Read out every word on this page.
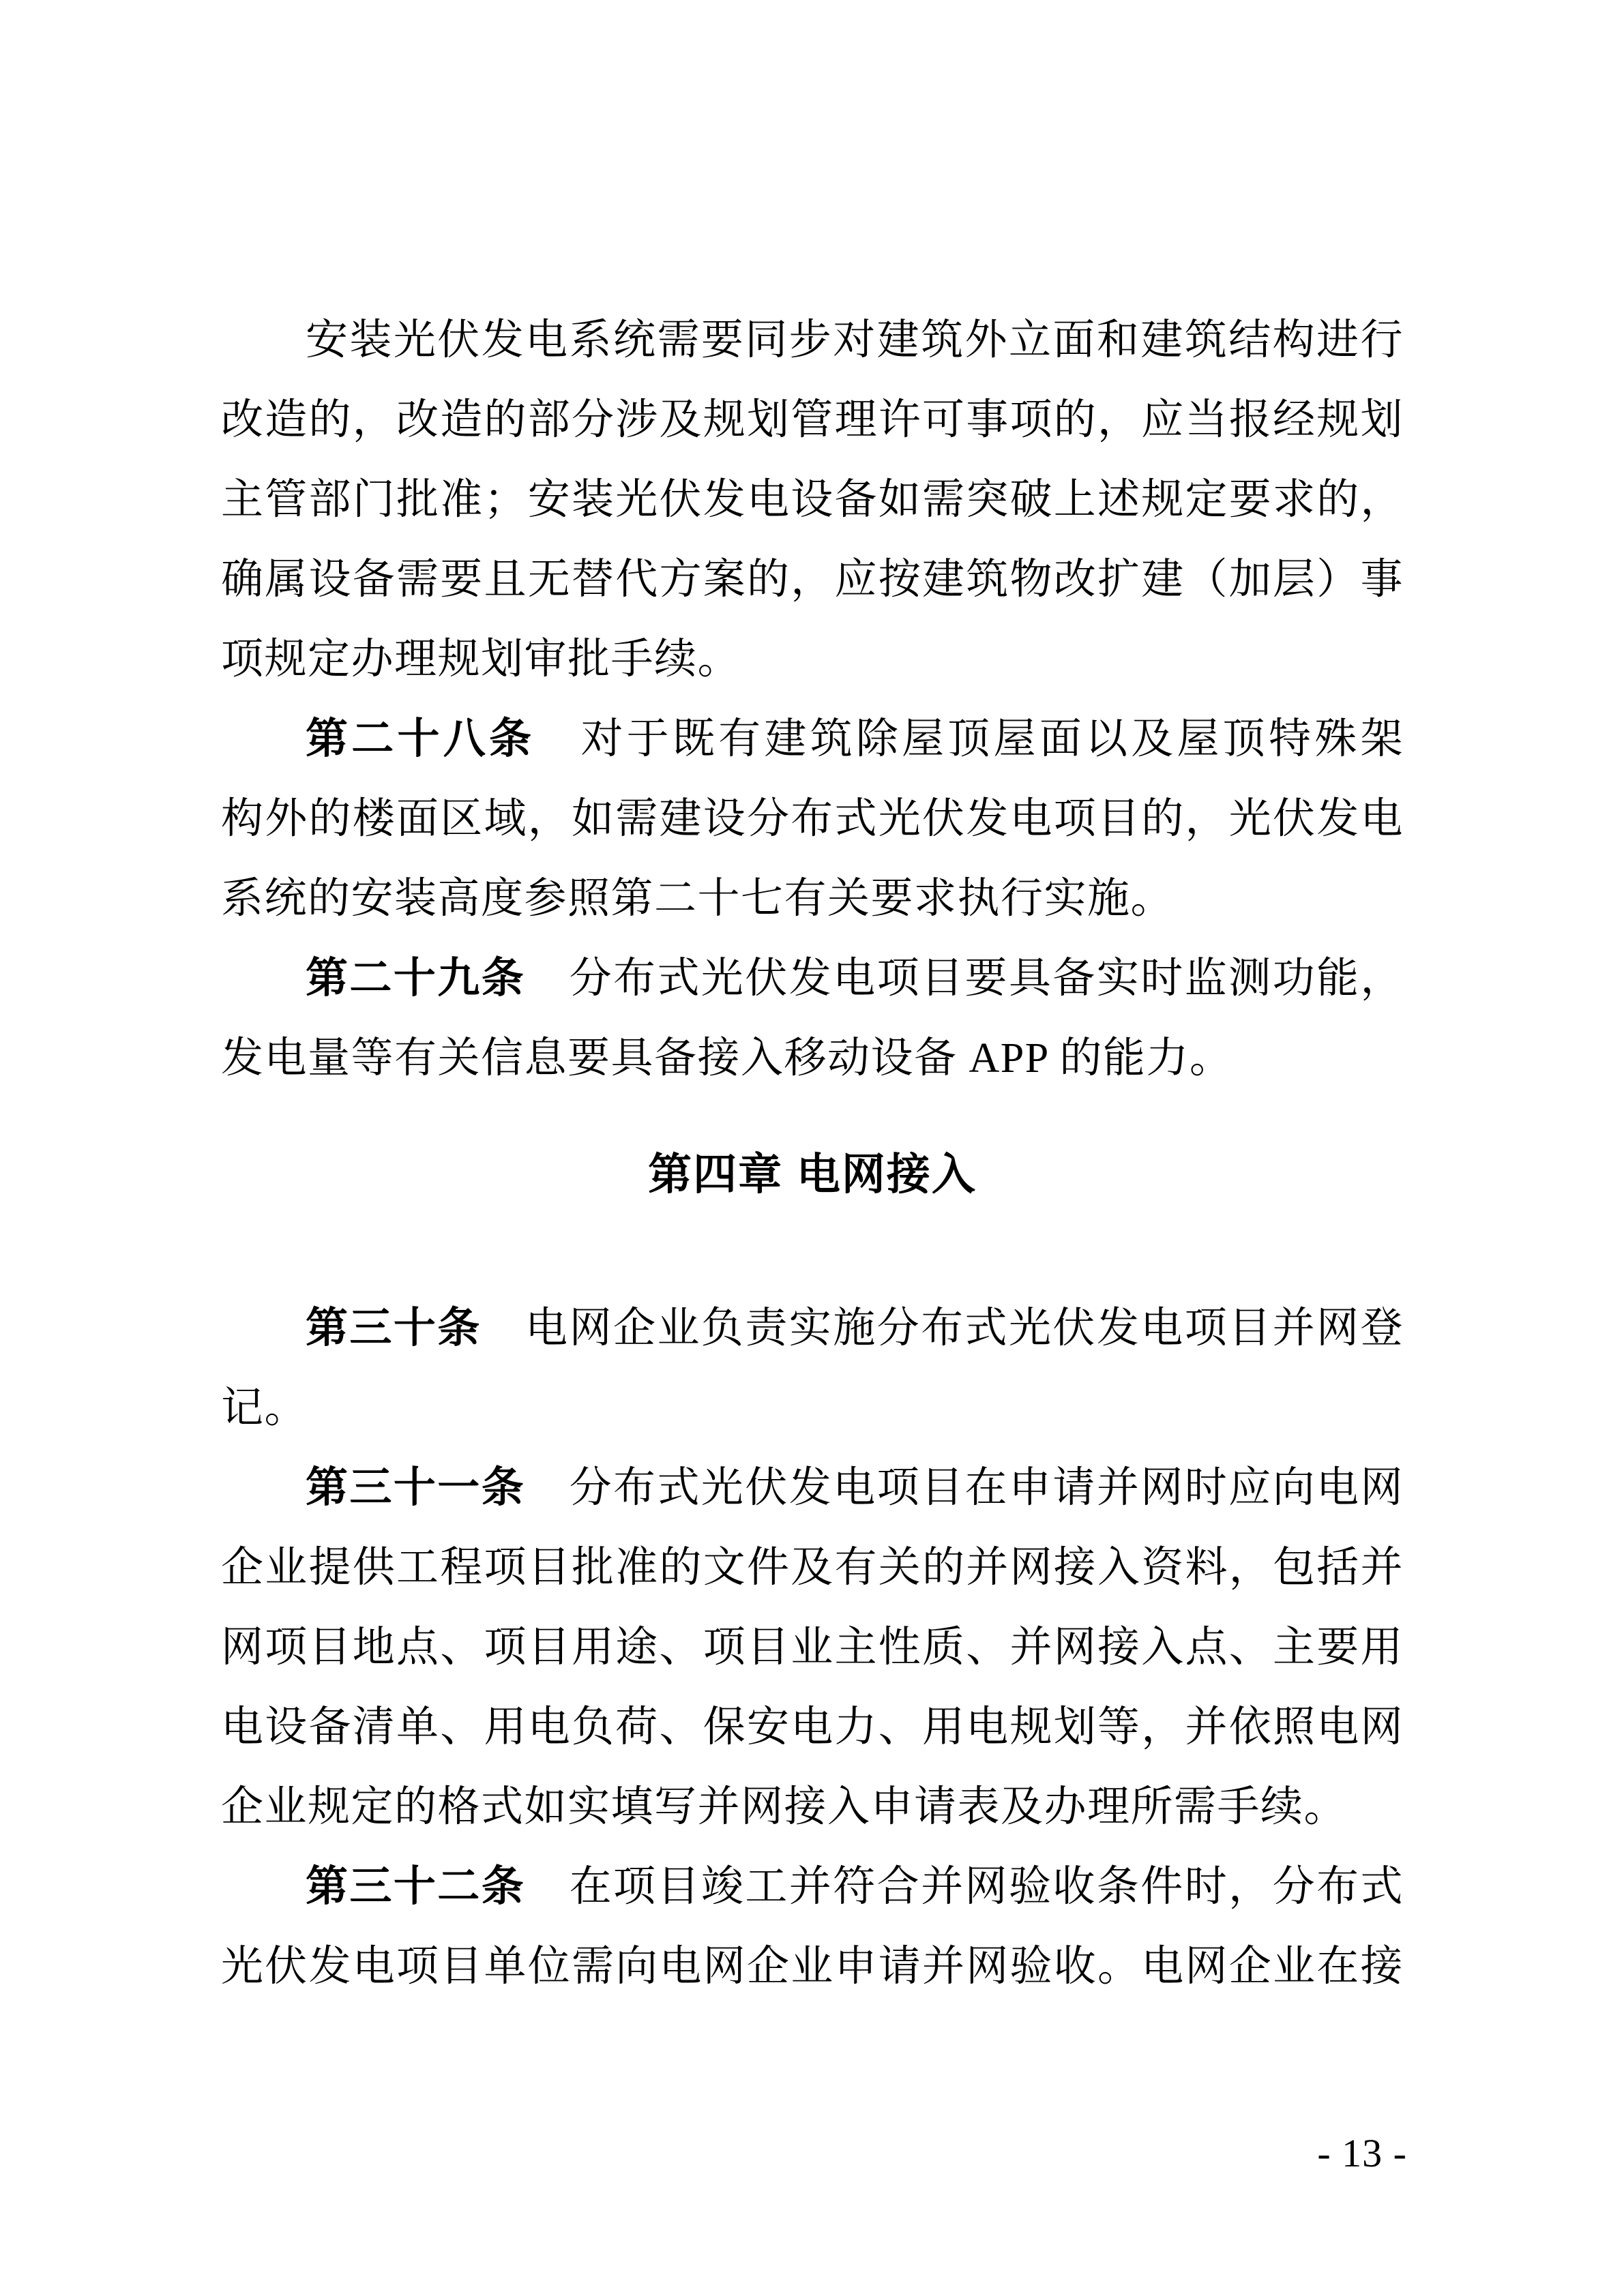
安装光伏发电系统需要同步对建筑外立面和建筑结构进行
改造的，改造的部分涉及规划管理许可事项的，应当报经规划
主管部门批准；安装光伏发电设备如需突破上述规定要求的，
确属设备需要且无替代方案的，应按建筑物改扩建（加层）事
项规定办理规划审批手续。
第二十八条　对于既有建筑除屋顶屋面以及屋顶特殊架
构外的楼面区域，如需建设分布式光伏发电项目的，光伏发电
系统的安装高度参照第二十七有关要求执行实施。
第二十九条　分布式光伏发电项目要具备实时监测功能，
发电量等有关信息要具备接入移动设备 APP 的能力。
第四章 电网接入
第三十条　电网企业负责实施分布式光伏发电项目并网登
记。
第三十一条　分布式光伏发电项目在申请并网时应向电网
企业提供工程项目批准的文件及有关的并网接入资料，包括并
网项目地点、项目用途、项目业主性质、并网接入点、主要用
电设备清单、用电负荷、保安电力、用电规划等，并依照电网
企业规定的格式如实填写并网接入申请表及办理所需手续。
第三十二条　在项目竣工并符合并网验收条件时，分布式
光伏发电项目单位需向电网企业申请并网验收。电网企业在接
- 13 -
